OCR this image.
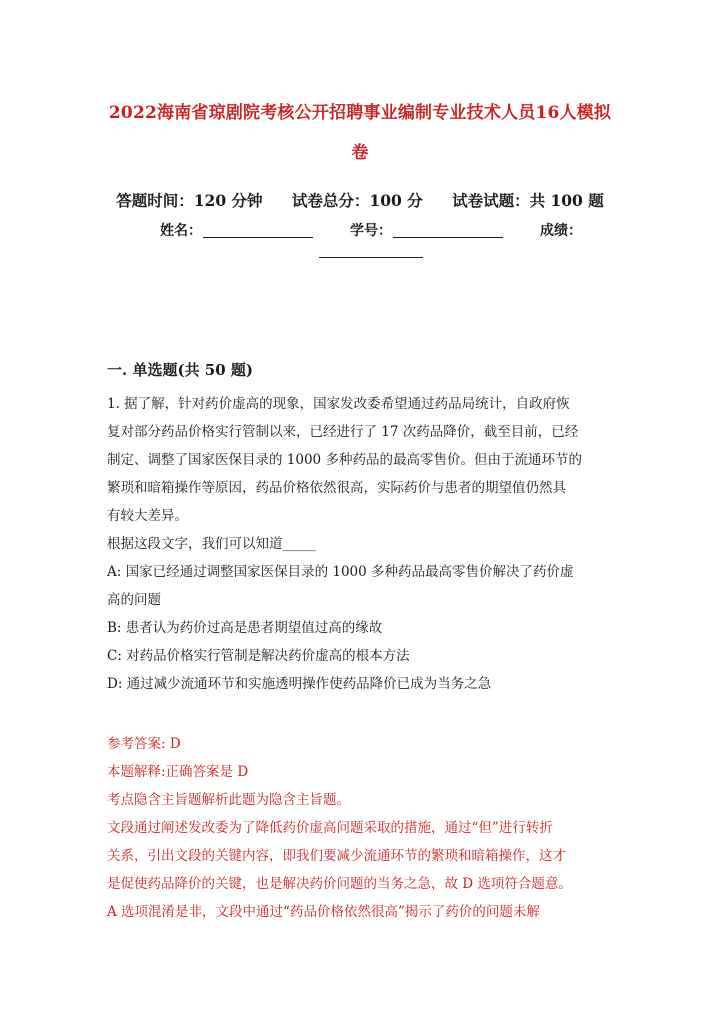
2022海南省琼剧院考核公开招聘事业编制专业技术人员16人模拟
卷
答题时间：120 分钟 试卷总分：100 分 试卷试题：共 100 题
姓名：	学号：	成绩：
一. 单选题(共 50 题)

1. 据了解，针对药价虚高的现象，国家发改委希望通过药品局统计，自政府恢

复对部分药品价格实行管制以来，已经进行了 17 次药品降价，截至目前，已经

制定、调整了国家医保目录的 1000 多种药品的最高零售价。但由于流通环节的

繁琐和暗箱操作等原因，药品价格依然很高，实际药价与患者的期望值仍然具

有较大差异。

根据这段文字，我们可以知道_____

A: 国家已经通过调整国家医保目录的 1000 多种药品最高零售价解决了药价虚

高的问题

B: 患者认为药价过高是患者期望值过高的缘故

C: 对药品价格实行管制是解决药价虚高的根本方法

D: 通过减少流通环节和实施透明操作使药品降价已成为当务之急

参考答案: D

本题解释:正确答案是 D

考点隐含主旨题解析此题为隐含主旨题。

文段通过阐述发改委为了降低药价虚高问题采取的措施，通过“但”进行转折

关系，引出文段的关键内容，即我们要减少流通环节的繁琐和暗箱操作，这才

是促使药品降价的关键，也是解决药价问题的当务之急，故 D 选项符合题意。

A 选项混淆是非，文段中通过“药品价格依然很高”揭示了药价的问题未解
